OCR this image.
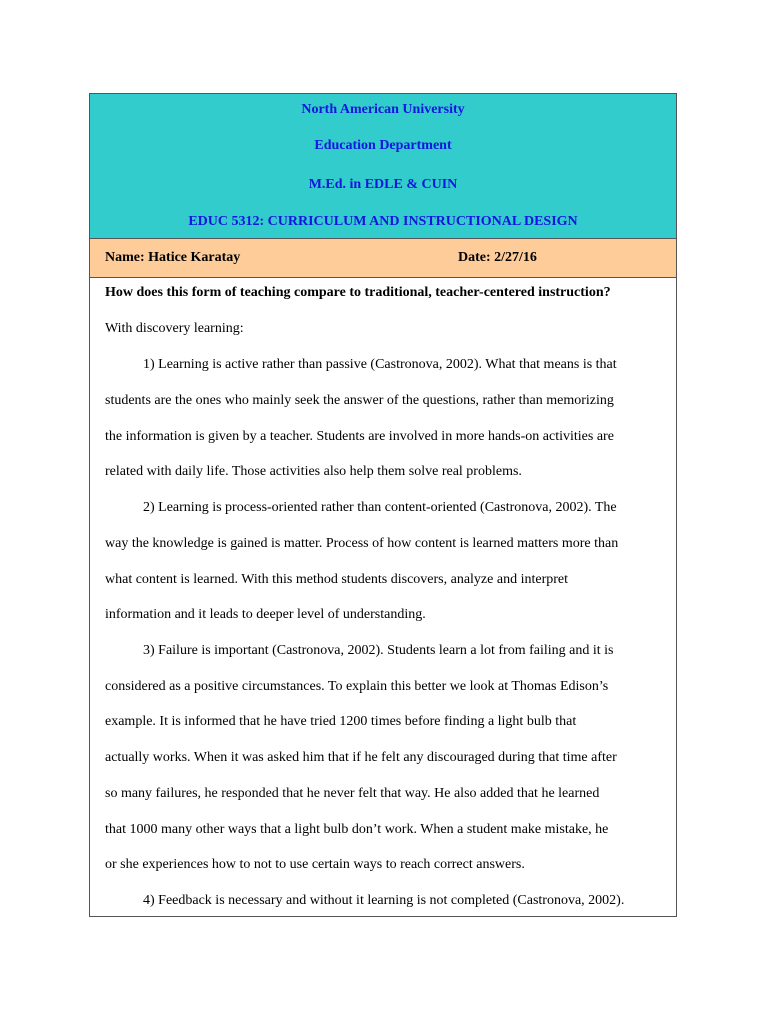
North American University
Education Department
M.Ed. in EDLE & CUIN
EDUC 5312: CURRICULUM AND INSTRUCTIONAL DESIGN
Name: Hatice Karatay	Date: 2/27/16
How does this form of teaching compare to traditional, teacher-centered instruction?
With discovery learning:
1) Learning is active rather than passive (Castronova, 2002). What that means is that
students are the ones who mainly seek the answer of the questions, rather than memorizing
the information is given by a teacher. Students are involved in more hands-on activities are
related with daily life. Those activities also help them solve real problems.
2) Learning is process-oriented rather than content-oriented (Castronova, 2002). The
way the knowledge is gained is matter. Process of how content is learned matters more than
what content is learned. With this method students discovers, analyze and interpret
information and it leads to deeper level of understanding.
3) Failure is important (Castronova, 2002). Students learn a lot from failing and it is
considered as a positive circumstances. To explain this better we look at Thomas Edison’s
example. It is informed that he have tried 1200 times before finding a light bulb that
actually works. When it was asked him that if he felt any discouraged during that time after
so many failures, he responded that he never felt that way. He also added that he learned
that 1000 many other ways that a light bulb don’t work. When a student make mistake, he
or she experiences how to not to use certain ways to reach correct answers.
4) Feedback is necessary and without it learning is not completed (Castronova, 2002).
